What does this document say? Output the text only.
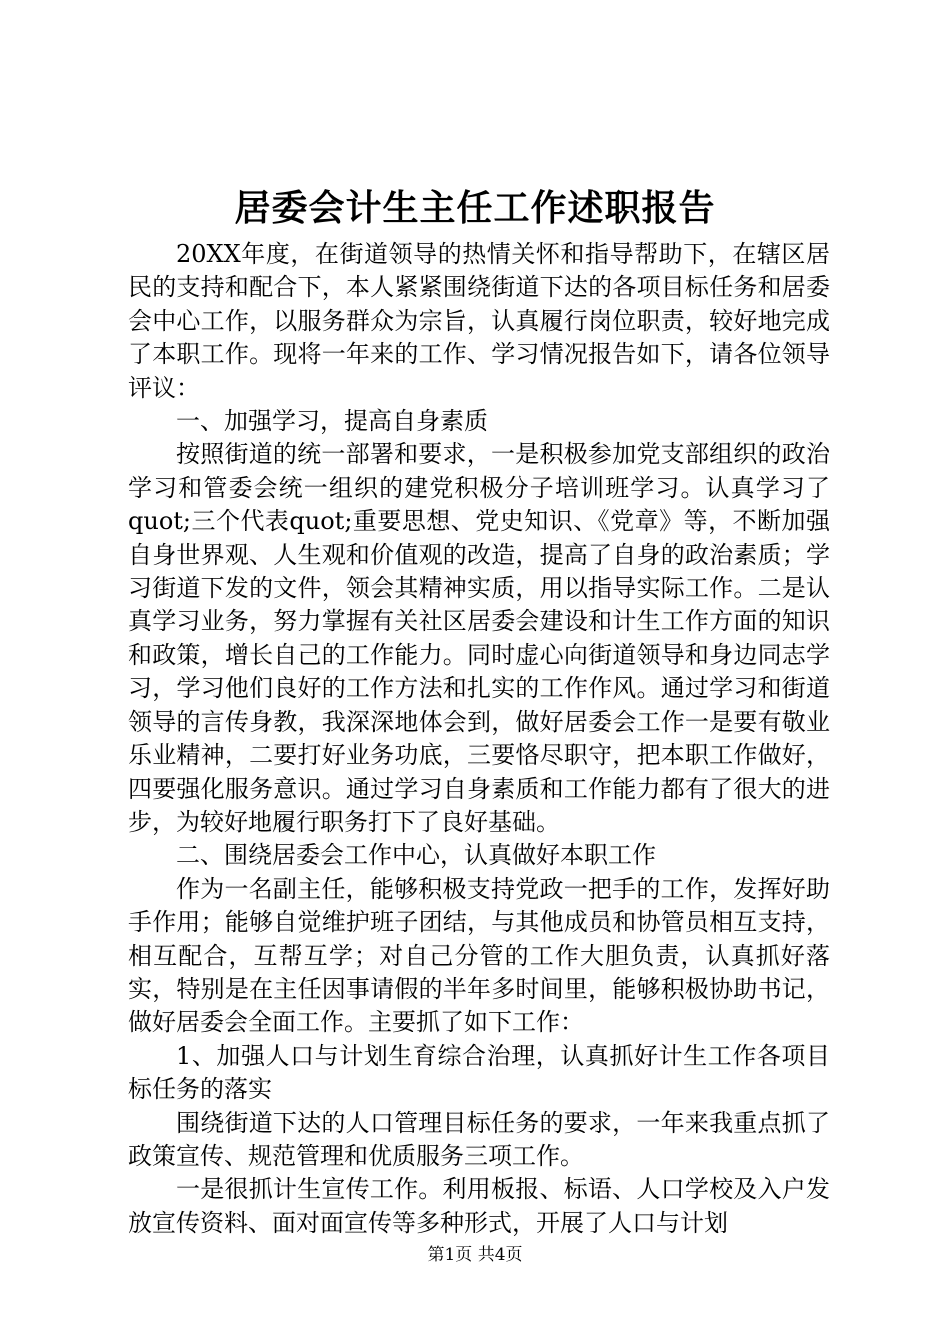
居委会计生主任工作述职报告

20XX年度，在街道领导的热情关怀和指导帮助下，在辖区居民的支持和配合下，本人紧紧围绕街道下达的各项目标任务和居委会中心工作，以服务群众为宗旨，认真履行岗位职责，较好地完成了本职工作。现将一年来的工作、学习情况报告如下，请各位领导评议：

一、加强学习，提高自身素质

按照街道的统一部署和要求，一是积极参加党支部组织的政治学习和管委会统一组织的建党积极分子培训班学习。认真学习了quot;三个代表quot;重要思想、党史知识、《党章》等，不断加强自身世界观、人生观和价值观的改造，提高了自身的政治素质；学习街道下发的文件，领会其精神实质，用以指导实际工作。二是认真学习业务，努力掌握有关社区居委会建设和计生工作方面的知识和政策，增长自己的工作能力。同时虚心向街道领导和身边同志学习，学习他们良好的工作方法和扎实的工作作风。通过学习和街道领导的言传身教，我深深地体会到，做好居委会工作一是要有敬业乐业精神，二要打好业务功底，三要恪尽职守，把本职工作做好，四要强化服务意识。通过学习自身素质和工作能力都有了很大的进步，为较好地履行职务打下了良好基础。

二、围绕居委会工作中心，认真做好本职工作

作为一名副主任，能够积极支持党政一把手的工作，发挥好助手作用；能够自觉维护班子团结，与其他成员和协管员相互支持，相互配合，互帮互学；对自己分管的工作大胆负责，认真抓好落实，特别是在主任因事请假的半年多时间里，能够积极协助书记，做好居委会全面工作。主要抓了如下工作：

1、加强人口与计划生育综合治理，认真抓好计生工作各项目标任务的落实

围绕街道下达的人口管理目标任务的要求，一年来我重点抓了政策宣传、规范管理和优质服务三项工作。

一是很抓计生宣传工作。利用板报、标语、人口学校及入户发放宣传资料、面对面宣传等多种形式，开展了人口与计划

第1页 共4页
